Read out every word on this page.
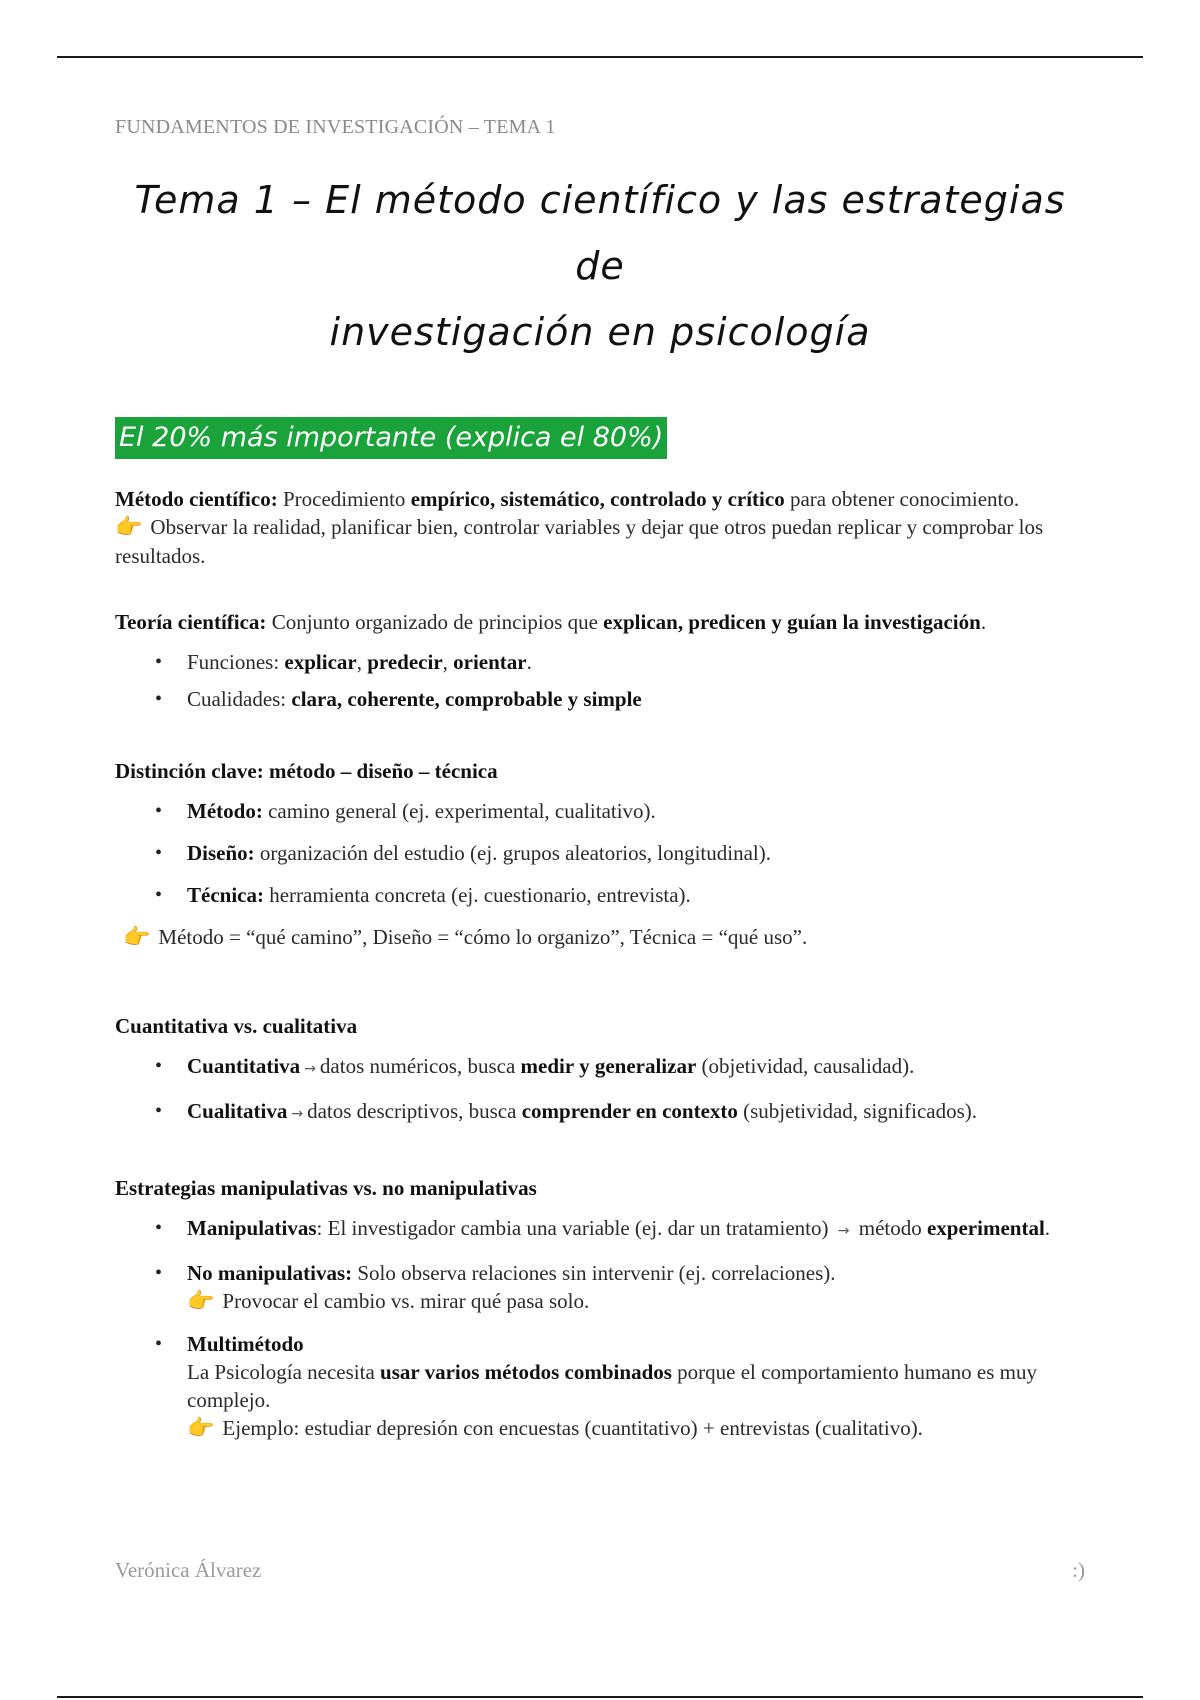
FUNDAMENTOS DE INVESTIGACIÓN – TEMA 1
Tema 1 – El método científico y las estrategias de
investigación en psicología
El 20% más importante (explica el 80%)

Método científico: Procedimiento empírico, sistemático, controlado y crítico para obtener conocimiento.

👉 Observar la realidad, planificar bien, controlar variables y dejar que otros puedan replicar y comprobar los resultados.

Teoría científica: Conjunto organizado de principios que explican, predicen y guían la investigación.

• Funciones: explicar, predecir, orientar.
• Cualidades: clara, coherente, comprobable y simple

Distinción clave: método – diseño – técnica

• Método: camino general (ej. experimental, cualitativo).
• Diseño: organización del estudio (ej. grupos aleatorios, longitudinal).
• Técnica: herramienta concreta (ej. cuestionario, entrevista).

👉 Método = “qué camino”, Diseño = “cómo lo organizo”, Técnica = “qué uso”.

Cuantitativa vs. cualitativa

• Cuantitativa → datos numéricos, busca medir y generalizar (objetividad, causalidad).
• Cualitativa → datos descriptivos, busca comprender en contexto (subjetividad, significados).

Estrategias manipulativas vs. no manipulativas

• Manipulativas: El investigador cambia una variable (ej. dar un tratamiento) → método experimental.
• No manipulativas: Solo observa relaciones sin intervenir (ej. correlaciones).
👉 Provocar el cambio vs. mirar qué pasa solo.
• Multimétodo
La Psicología necesita usar varios métodos combinados porque el comportamiento humano es muy complejo.
👉 Ejemplo: estudiar depresión con encuestas (cuantitativo) + entrevistas (cualitativo).
Verónica Álvarez	:)
